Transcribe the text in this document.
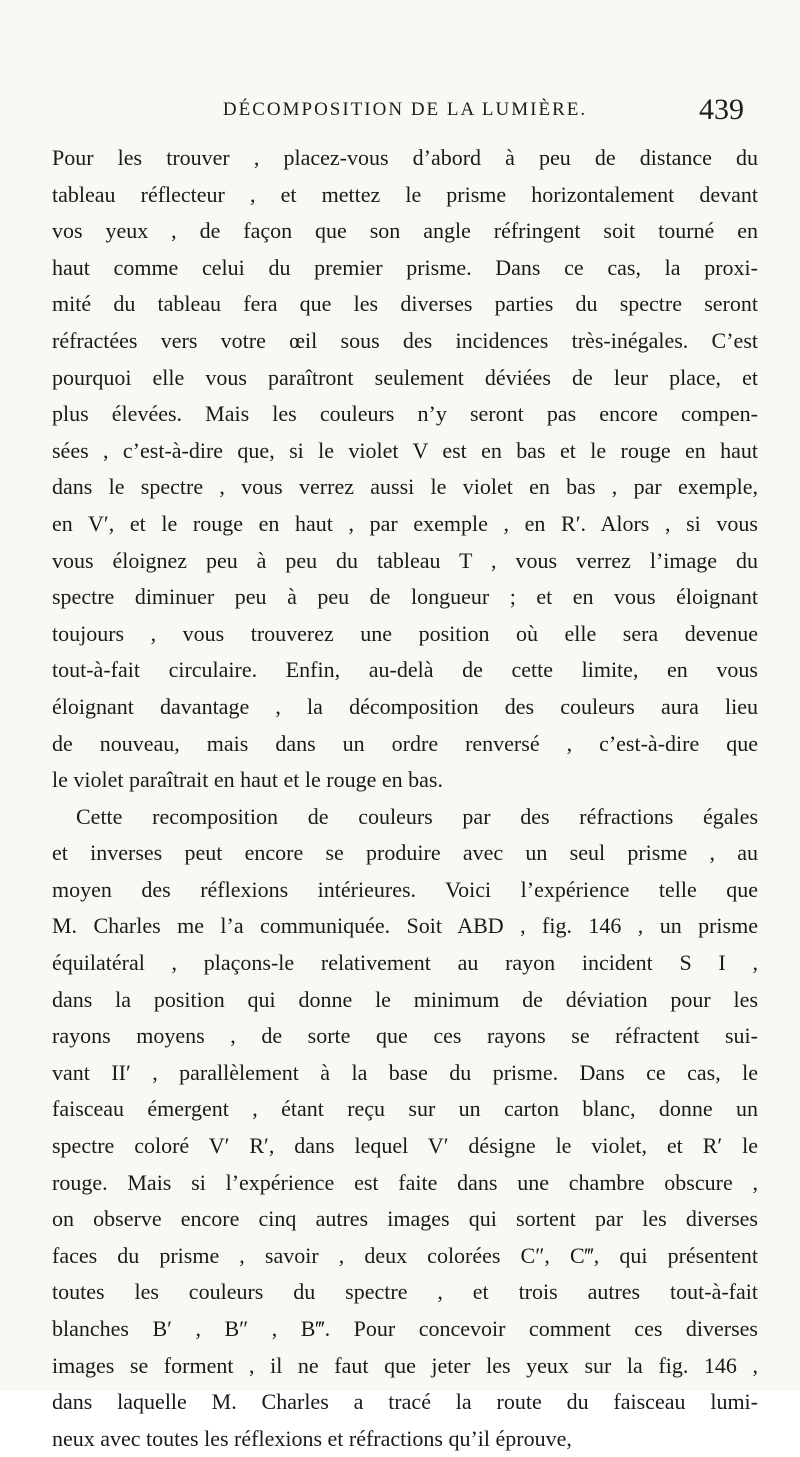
DÉCOMPOSITION DE LA LUMIÈRE.	439
Pour les trouver , placez-vous d’abord à peu de distance du
tableau réflecteur , et mettez le prisme horizontalement devant
vos yeux , de façon que son angle réfringent soit tourné en
haut comme celui du premier prisme. Dans ce cas, la proxi-
mité du tableau fera que les diverses parties du spectre seront
réfractées vers votre œil sous des incidences très-inégales. C’est
pourquoi elle vous paraîtront seulement déviées de leur place, et
plus élevées. Mais les couleurs n’y seront pas encore compen-
sées , c’est-à-dire que, si le violet V est en bas et le rouge en haut
dans le spectre , vous verrez aussi le violet en bas , par exemple,
en V′, et le rouge en haut , par exemple , en R′. Alors , si vous
vous éloignez peu à peu du tableau T , vous verrez l’image du
spectre diminuer peu à peu de longueur ; et en vous éloignant
toujours , vous trouverez une position où elle sera devenue
tout-à-fait circulaire. Enfin, au-delà de cette limite, en vous
éloignant davantage , la décomposition des couleurs aura lieu
de nouveau, mais dans un ordre renversé , c’est-à-dire que
le violet paraîtrait en haut et le rouge en bas.
Cette recomposition de couleurs par des réfractions égales
et inverses peut encore se produire avec un seul prisme , au
moyen des réflexions intérieures. Voici l’expérience telle que
M. Charles me l’a communiquée. Soit ABD , fig. 146 , un prisme
équilatéral , plaçons-le relativement au rayon incident S I ,
dans la position qui donne le minimum de déviation pour les
rayons moyens , de sorte que ces rayons se réfractent sui-
vant II′ , parallèlement à la base du prisme. Dans ce cas, le
faisceau émergent , étant reçu sur un carton blanc, donne un
spectre coloré V′ R′, dans lequel V′ désigne le violet, et R′ le
rouge. Mais si l’expérience est faite dans une chambre obscure ,
on observe encore cinq autres images qui sortent par les diverses
faces du prisme , savoir , deux colorées C″, C‴, qui présentent
toutes les couleurs du spectre , et trois autres tout-à-fait
blanches B′ , B″ , B‴. Pour concevoir comment ces diverses
images se forment , il ne faut que jeter les yeux sur la fig. 146 ,
dans laquelle M. Charles a tracé la route du faisceau lumi-
neux avec toutes les réflexions et réfractions qu’il éprouve,
